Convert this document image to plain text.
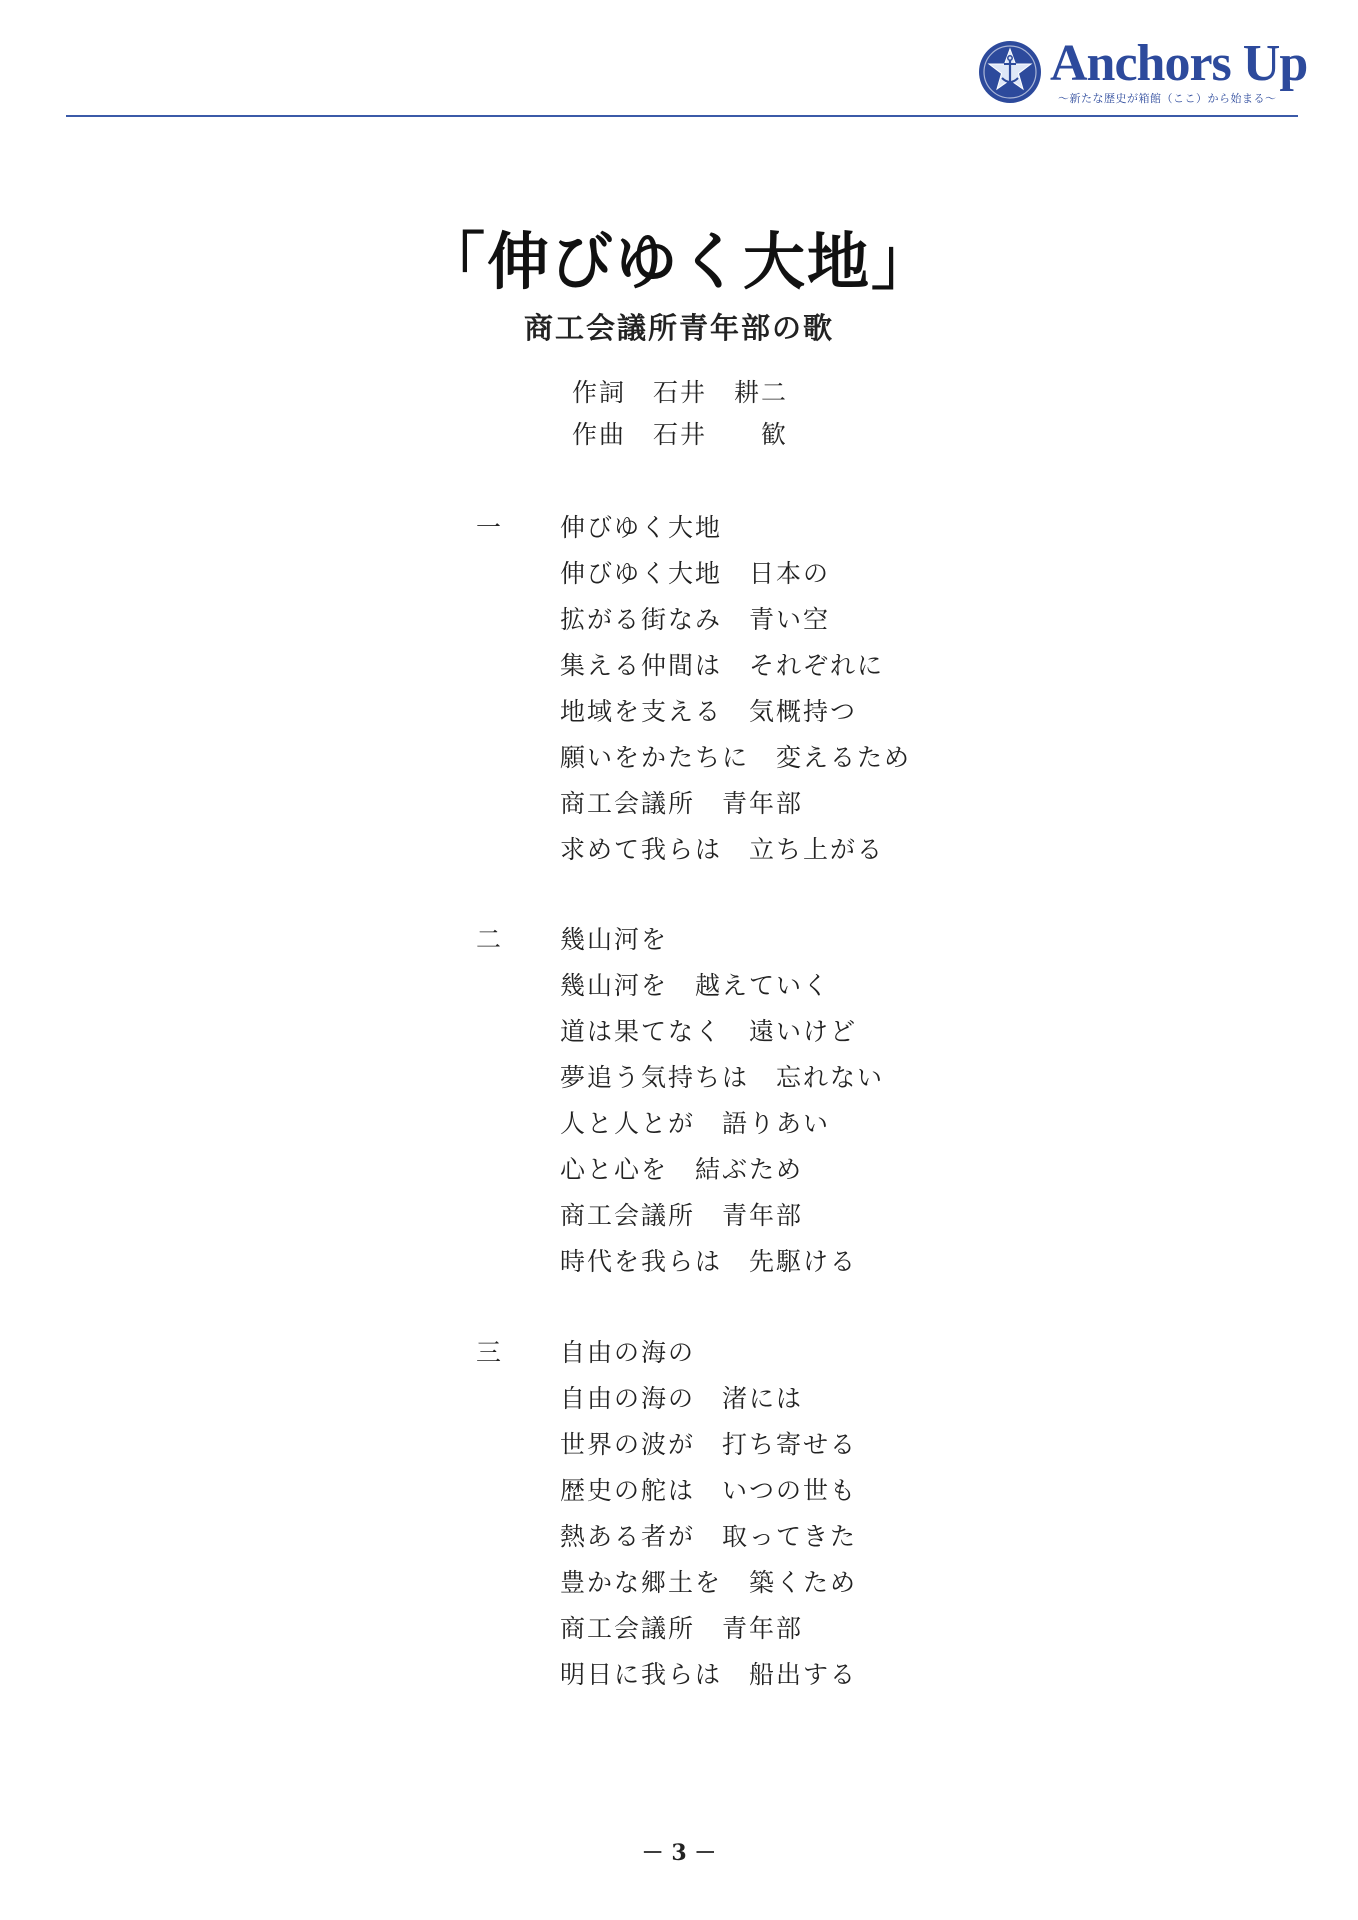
Anchors Up
～新たな歴史が箱館（ここ）から始まる～
「伸びゆく大地」
商工会議所青年部の歌
作詞　石井　耕二
作曲　石井　　歓
一 伸びゆく大地
伸びゆく大地　日本の
拡がる街なみ　青い空
集える仲間は　それぞれに
地域を支える　気概持つ
願いをかたちに　変えるため
商工会議所　青年部
求めて我らは　立ち上がる
二 幾山河を
幾山河を　越えていく
道は果てなく　遠いけど
夢追う気持ちは　忘れない
人と人とが　語りあい
心と心を　結ぶため
商工会議所　青年部
時代を我らは　先駆ける
三 自由の海の
自由の海の　渚には
世界の波が　打ち寄せる
歴史の舵は　いつの世も
熱ある者が　取ってきた
豊かな郷土を　築くため
商工会議所　青年部
明日に我らは　船出する
－ 3 －
